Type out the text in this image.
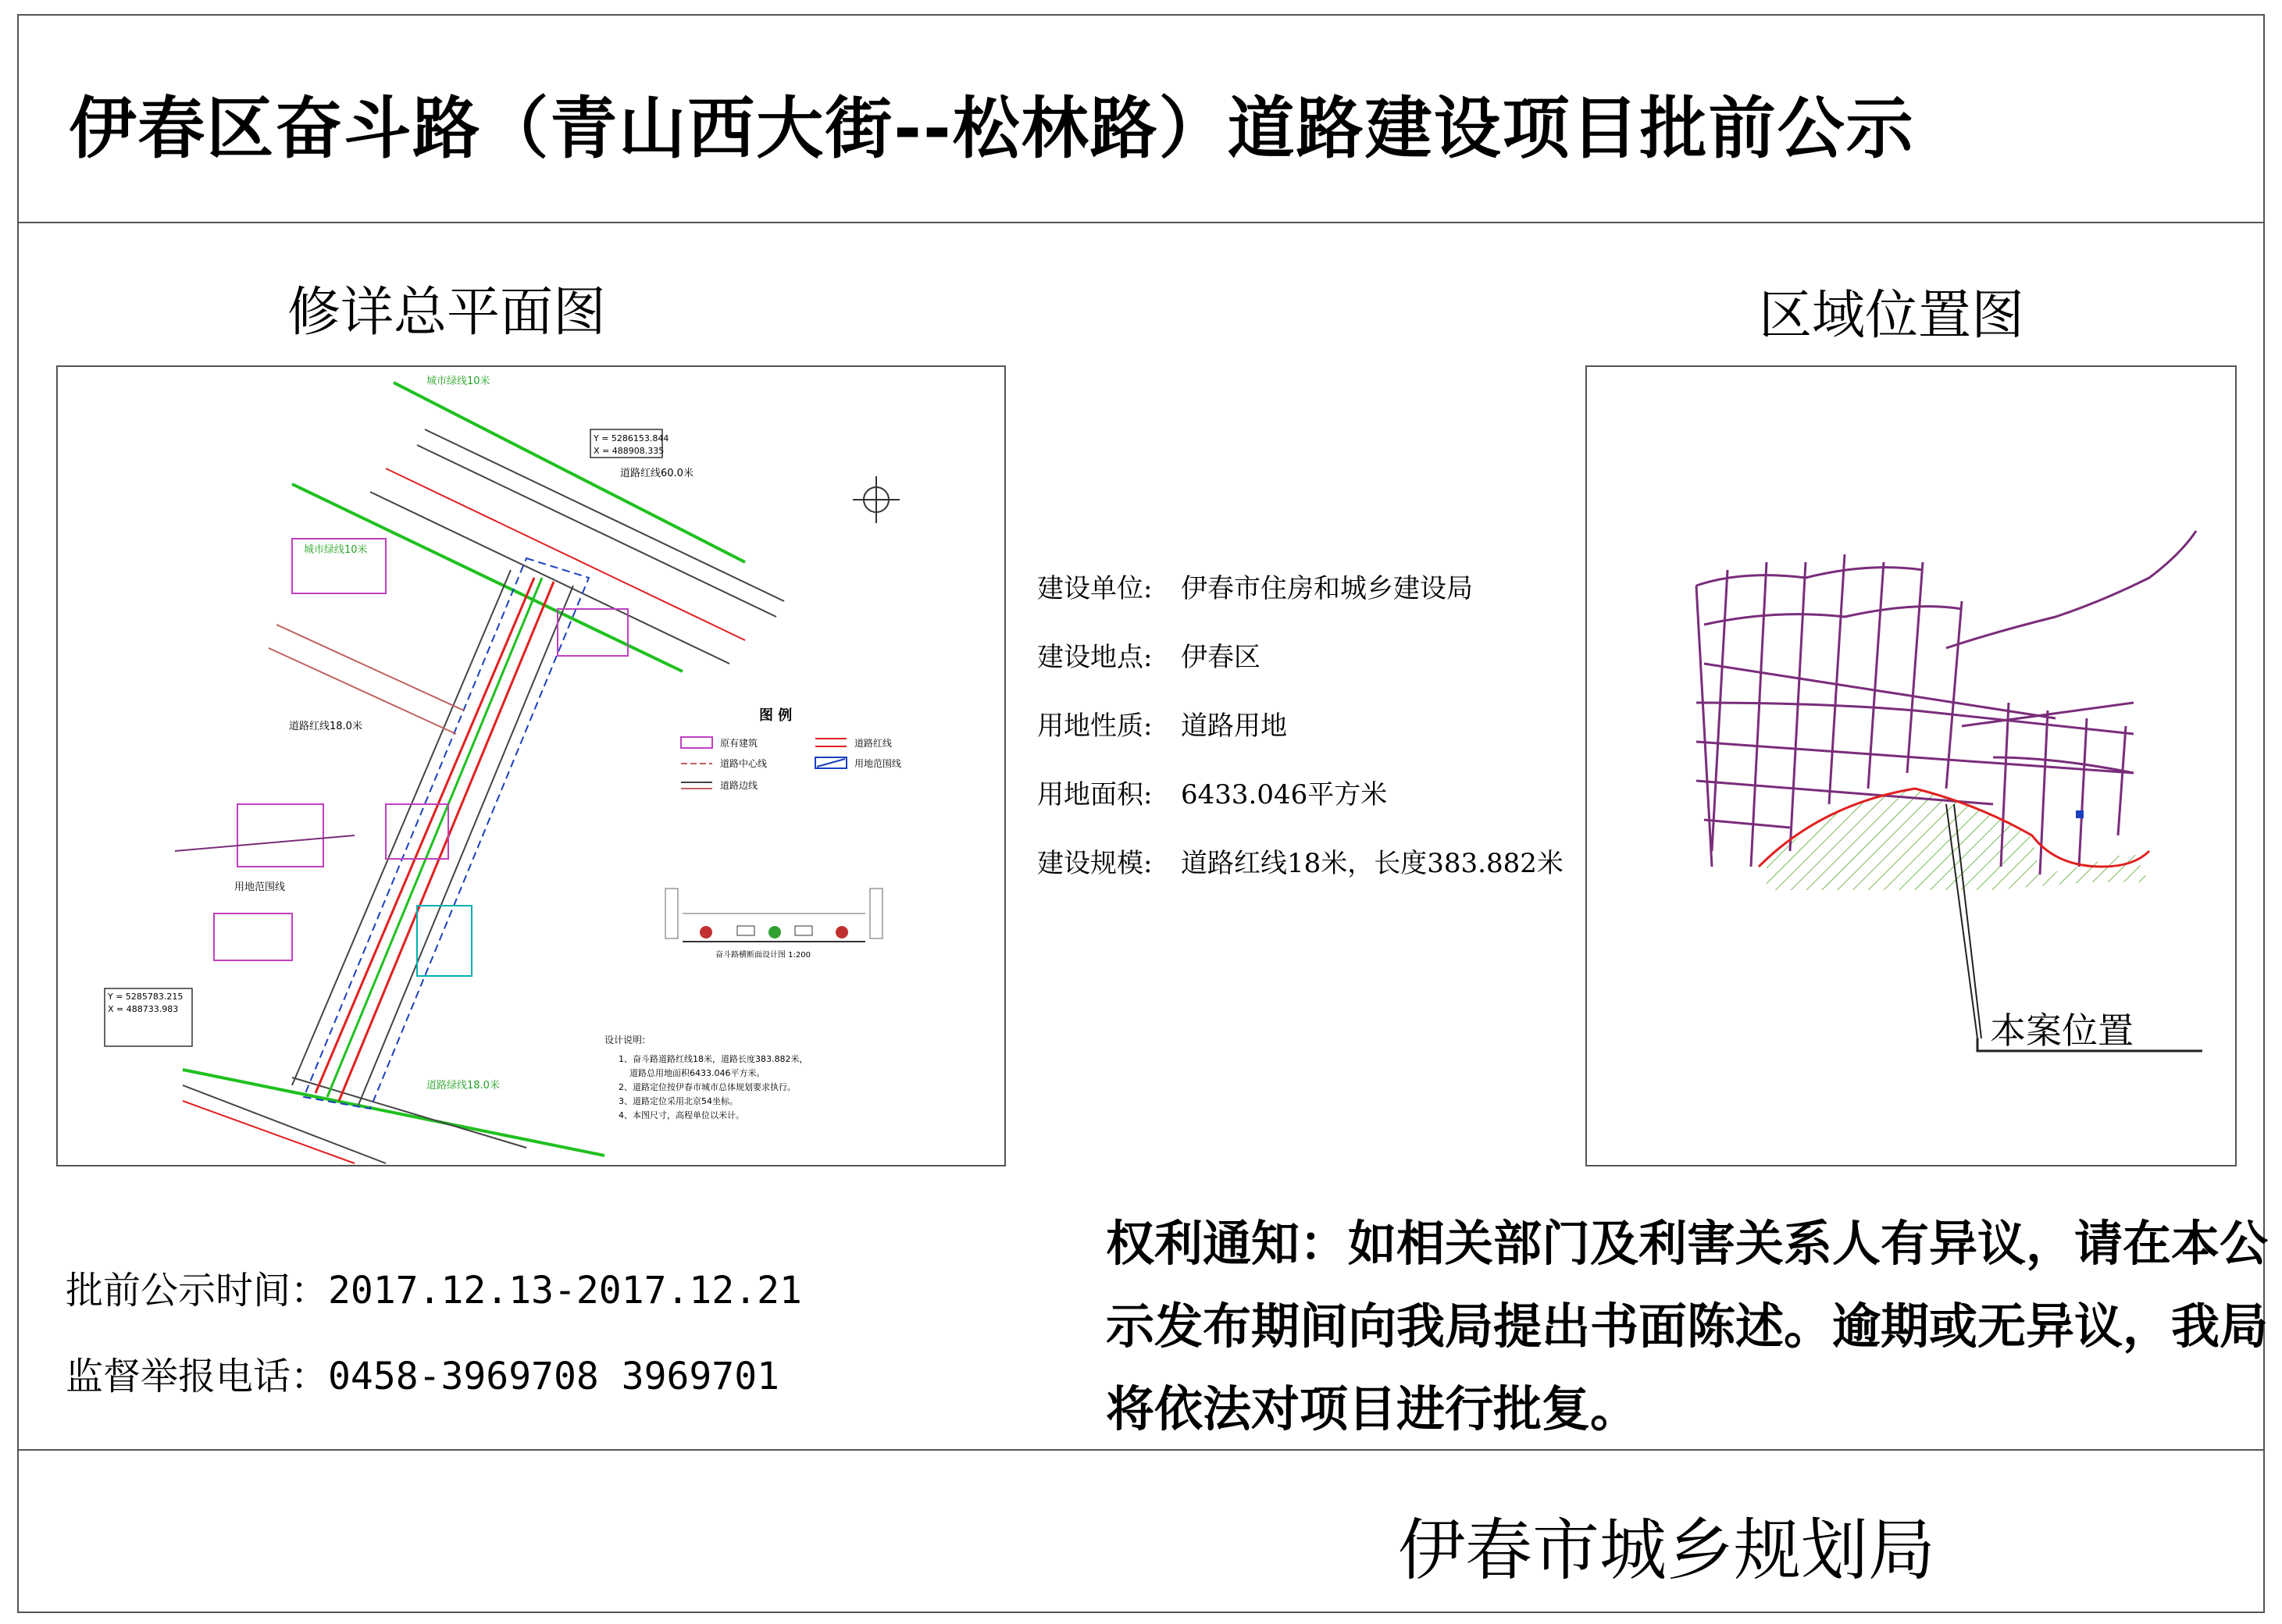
伊春区奋斗路（青山西大街--松林路）道路建设项目批前公示
修详总平面图
Y = 5286153.844
X = 488908.335
Y = 5285783.215
X = 488733.983
城市绿线10米
城市绿线10米
道路绿线18.0米
道路红线60.0米
道路红线18.0米
用地范围线
图 例
原有建筑	道路红线
道路中心线	用地范围线
道路边线
奋斗路横断面设计图 1:200
设计说明:
1、奋斗路道路红线18米，道路长度383.882米，
道路总用地面积6433.046平方米。
2、道路定位按伊春市城市总体规划要求执行。
3、道路定位采用北京54坐标。
4、本图尺寸，高程单位以米计。
建设单位: 伊春市住房和城乡建设局
建设地点: 伊春区
用地性质: 道路用地
用地面积: 6433.046平方米
建设规模: 道路红线18米，长度383.882米
区域位置图
本案位置
批前公示时间：2017.12.13-2017.12.21
监督举报电话：0458-3969708 3969701
权利通知：如相关部门及利害关系人有异议，请在本公示发布期间向我局提出书面陈述。逾期或无异议，我局将依法对项目进行批复。
伊春市城乡规划局
